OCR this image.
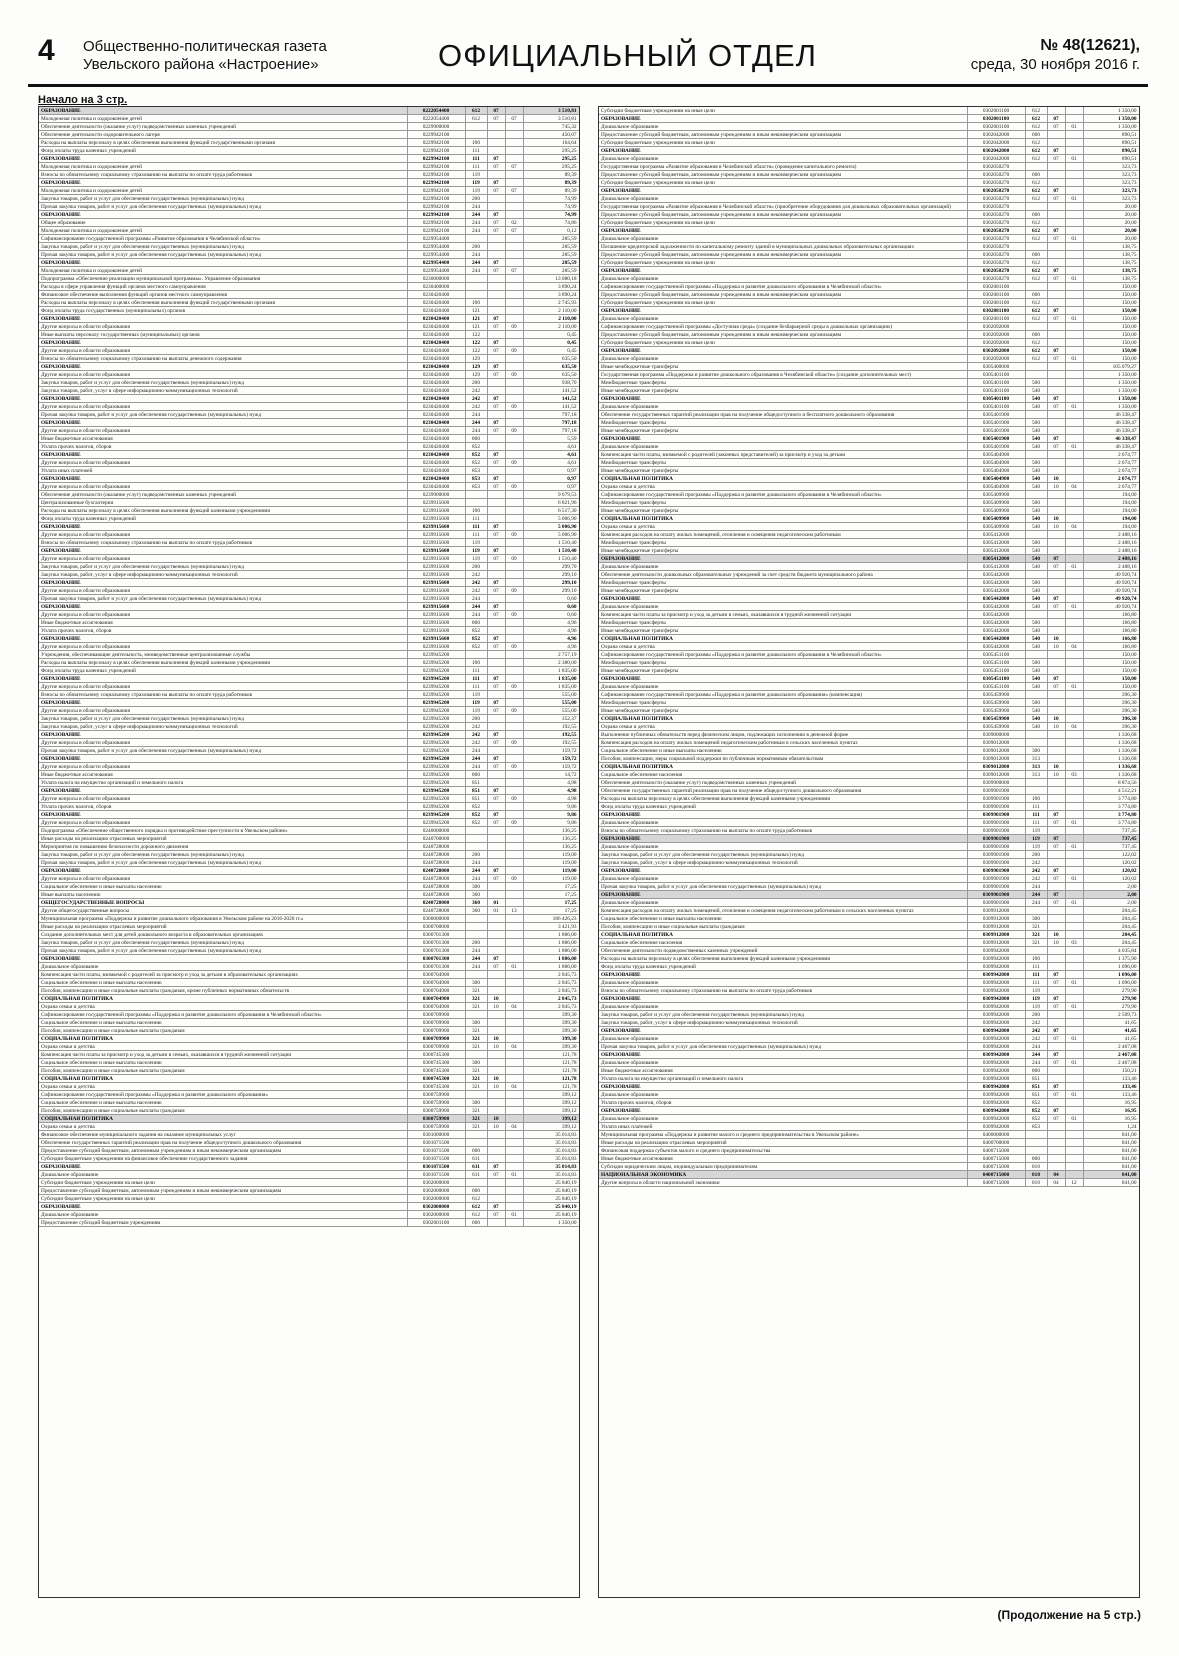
4 Общественно-политическая газета
Увельского района «Настроение»	ОФИЦИАЛЬНЫЙ ОТДЕЛ	№ 48(12621),
среда, 30 ноября 2016 г.
Начало на 3 стр.
ОБРАЗОВАНИЕ	0222054400	612	07		3 510,81
Молодежная политика и оздоровление детей	0222054400	612	07	07	3 510,81
Обеспечение деятельности (оказание услуг) подведомственных казенных учреждений	0229900000				745,32
Обеспечение деятельности оздоровительного лагеря	0229942100				450,07
Расходы на выплаты персоналу в целях обеспечения выполнения функций государственными органами	0229942100	100			164,64
Фонд оплаты труда казенных учреждений	0229942100	111			295,25
ОБРАЗОВАНИЕ	0229942100	111	07		295,25
Молодежная политика и оздоровление детей	0229942100	111	07	07	295,25
Взносы по обязательному социальному страхованию на выплаты по оплате труда работников	0229942100	119			89,39
ОБРАЗОВАНИЕ	0229942100	119	07		89,39
Молодежная политика и оздоровление детей	0229942100	119	07	07	89,39
Закупка товаров, работ и услуг для обеспечения государственных (муниципальных) нужд	0229942100	200			74,99
Прочая закупка товаров, работ и услуг для обеспечения государственных (муниципальных) нужд	0229942100	244			74,99
ОБРАЗОВАНИЕ	0229942100	244	07		74,99
Общее образование	0229942100	244	07	02	74,86
Молодежная политика и оздоровление детей	0229942100	244	07	07	0,12
Софинансирование государственной программы «Развитие образования в Челябинской области»	0229954400				285,59
Закупка товаров, работ и услуг для обеспечения государственных (муниципальных) нужд	0229954400	200			285,59
Прочая закупка товаров, работ и услуг для обеспечения государственных (муниципальных) нужд	0229954400	244			285,59
ОБРАЗОВАНИЕ	0229954400	244	07		285,59
Молодежная политика и оздоровление детей	0229954400	244	07	07	285,59
Подпрограмма «Обеспечение реализации муниципальной программы». Управление образования	0230000000				13 080,18
Расходы в сфере управления функций органов местного самоуправления	0230400000				3 890,24
Финансовое обеспечение выполнения функций органов местного самоуправления	0230420400				3 890,24
Расходы на выплаты персоналу в целях обеспечения выполнения функций государственными органами	0230420400	100			2 745,93
Фонд оплаты труда государственных (муниципальных) органов	0230420400	121			2 110,00
ОБРАЗОВАНИЕ	0230420400	121	07		2 110,00
Другие вопросы в области образования	0230420400	121	07	09	2 110,00
Иные выплаты персоналу государственных (муниципальных) органов	0230420400	122			0,45
ОБРАЗОВАНИЕ	0230420400	122	07		0,45
Другие вопросы в области образования	0230420400	122	07	09	0,45
Взносы по обязательному социальному страхованию на выплаты денежного содержания	0230420400	129			635,50
ОБРАЗОВАНИЕ	0230420400	129	07		635,50
Другие вопросы в области образования	0230420400	129	07	09	635,50
Закупка товаров, работ и услуг для обеспечения государственных (муниципальных) нужд	0230420400	200			938,70
Закупка товаров, работ, услуг в сфере информационно-коммуникационных технологий	0230420400	242			141,52
ОБРАЗОВАНИЕ	0230420400	242	07		141,52
Другие вопросы в области образования	0230420400	242	07	09	141,52
Прочая закупка товаров, работ и услуг для обеспечения государственных (муниципальных) нужд	0230420400	244			797,18
ОБРАЗОВАНИЕ	0230420400	244	07		797,18
Другие вопросы в области образования	0230420400	244	07	09	797,18
Иные бюджетные ассигнования	0230420400	800			5,59
Уплата прочих налогов, сборов	0230420400	852			4,61
ОБРАЗОВАНИЕ	0230420400	852	07		4,61
Другие вопросы в области образования	0230420400	852	07	09	4,61
Уплата иных платежей	0230420400	853			0,97
ОБРАЗОВАНИЕ	0230420400	853	07		0,97
Другие вопросы в области образования	0230420400	853	07	09	0,97
Обеспечение деятельности (оказание услуг) подведомственных казенных учреждений	0239900000				9 679,53
Централизованные бухгалтерии	0239915600				6 821,96
Расходы на выплаты персоналу в целях обеспечения выполнения функций казенными учреждениями	0239915600	100			6 517,30
Фонд оплаты труда казенных учреждений	0239915600	111			5 006,90
ОБРАЗОВАНИЕ	0239915600	111	07		5 006,90
Другие вопросы в области образования	0239915600	111	07	09	5 006,90
Взносы по обязательному социальному страхованию на выплаты по оплате труда работников	0239915600	119			1 510,40
ОБРАЗОВАНИЕ	0239915600	119	07		1 510,40
Другие вопросы в области образования	0239915600	119	07	09	1 510,40
Закупка товаров, работ и услуг для обеспечения государственных (муниципальных) нужд	0239915600	200			299,70
Закупка товаров, работ, услуг в сфере информационно-коммуникационных технологий	0239915600	242			299,10
ОБРАЗОВАНИЕ	0239915600	242	07		299,10
Другие вопросы в области образования	0239915600	242	07	09	299,10
Прочая закупка товаров, работ и услуг для обеспечения государственных (муниципальных) нужд	0239915600	244			0,60
ОБРАЗОВАНИЕ	0239915600	244	07		0,60
Другие вопросы в области образования	0239915600	244	07	09	0,60
Иные бюджетные ассигнования	0239915600	800			4,96
Уплата прочих налогов, сборов	0239915600	852			4,96
ОБРАЗОВАНИЕ	0239915600	852	07		4,96
Другие вопросы в области образования	0239915600	852	07	09	4,96
Учреждения, обеспечивающие деятельность, межведомственные централизованные службы	0239945200				2 757,19
Расходы на выплаты персоналу в целях обеспечения выполнения функций казенными учреждениями	0239945200	100			2 380,00
Фонд оплаты труда казенных учреждений	0239945200	111			1 835,00
ОБРАЗОВАНИЕ	0239945200	111	07		1 835,00
Другие вопросы в области образования	0239945200	111	07	09	1 835,00
Взносы по обязательному социальному страхованию на выплаты по оплате труда работников	0239945200	119			555,00
ОБРАЗОВАНИЕ	0239945200	119	07		555,00
Другие вопросы в области образования	0239945200	119	07	09	555,00
Закупка товаров, работ и услуг для обеспечения государственных (муниципальных) нужд	0239945200	200			352,37
Закупка товаров, работ, услуг в сфере информационно-коммуникационных технологий	0239945200	242			192,55
ОБРАЗОВАНИЕ	0239945200	242	07		192,55
Другие вопросы в области образования	0239945200	242	07	09	192,55
Прочая закупка товаров, работ и услуг для обеспечения государственных (муниципальных) нужд	0239945200	244			159,72
ОБРАЗОВАНИЕ	0239945200	244	07		159,72
Другие вопросы в области образования	0239945200	244	07	09	159,72
Иные бюджетные ассигнования	0239945200	800			14,72
Уплата налога на имущество организаций и земельного налога	0239945200	851			4,98
ОБРАЗОВАНИЕ	0239945200	851	07		4,98
Другие вопросы в области образования	0239945200	851	07	09	4,98
Уплата прочих налогов, сборов	0239945200	852			9,86
ОБРАЗОВАНИЕ	0239945200	852	07		9,86
Другие вопросы в области образования	0239945200	852	07	09	9,86
Подпрограмма «Обеспечение общественного порядка и противодействие преступности в Увельском районе»	0240000000				136,25
Иные расходы на реализацию отраслевых мероприятий	0240700000				136,25
Мероприятия по повышению безопасности дорожного движения	0240728000				136,25
Закупка товаров, работ и услуг для обеспечения государственных (муниципальных) нужд	0240728000	200			119,00
Прочая закупка товаров, работ и услуг для обеспечения государственных (муниципальных) нужд	0240728000	244			119,00
ОБРАЗОВАНИЕ	0240728000	244	07		119,00
Другие вопросы в области образования	0240728000	244	07	09	119,00
Социальное обеспечение и иные выплаты населению	0240728000	300			17,25
Иные выплаты населению	0240728000	360			17,25
ОБЩЕГОСУДАРСТВЕННЫЕ ВОПРОСЫ	0240728000	360	01		17,25
Другие общегосударственные вопросы	0240728000	360	01	13	17,25
Муниципальная программа «Поддержка и развитие дошкольного образования в Увельском районе на 2016-2020 гг.»	0300000000				186 426,23
Иные расходы на реализацию отраслевых мероприятий	0300700000				3 421,93
Создание дополнительных мест для детей дошкольного возраста в образовательных организациях	0300701300				1 886,00
Закупка товаров, работ и услуг для обеспечения государственных (муниципальных) нужд	0300701300	200			1 886,00
Прочая закупка товаров, работ и услуг для обеспечения государственных (муниципальных) нужд	0300701300	244			1 886,00
ОБРАЗОВАНИЕ	0300701300	244	07		1 886,00
Дошкольное образование	0300701300	244	07	01	1 886,00
Компенсация части платы, взимаемой с родителей за присмотр и уход за детьми в образовательных организациях	0300704900				2 845,73
Социальное обеспечение и иные выплаты населению	0300704900	300			2 845,73
Пособия, компенсации и иные социальные выплаты гражданам, кроме публичных нормативных обязательств	0300704900	321			2 845,73
СОЦИАЛЬНАЯ ПОЛИТИКА	0300704900	321	10		2 845,73
Охрана семьи и детства	0300704900	321	10	04	2 845,73
Софинансирование государственной программы «Поддержка и развитие дошкольного образования в Челябинской области»	0300709900				399,30
Социальное обеспечение и иные выплаты населению	0300709900	300			399,30
Пособия, компенсации и иные социальные выплаты гражданам	0300709900	321			399,30
СОЦИАЛЬНАЯ ПОЛИТИКА	0300709900	321	10		399,30
Охрана семьи и детства	0300709900	321	10	04	399,30
Компенсация части платы за присмотр и уход за детьми в семьях, оказавшихся в трудной жизненной ситуации	0300745300				121,78
Социальное обеспечение и иные выплаты населению	0300745300	300			121,78
Пособия, компенсации и иные социальные выплаты гражданам	0300745300	321			121,78
СОЦИАЛЬНАЯ ПОЛИТИКА	0300745300	321	10		121,78
Охрана семьи и детства	0300745300	321	10	04	121,78
Софинансирование государственной программы «Поддержка и развитие дошкольного образования»	0300759900				399,12
Социальное обеспечение и иные выплаты населению	0300759900	300			399,12
Пособия, компенсации и иные социальные выплаты гражданам	0300759900	321			399,12
СОЦИАЛЬНАЯ ПОЛИТИКА	0300759900	321	10		399,12
Охрана семьи и детства	0300759900	321	10	04	399,12
Финансовое обеспечение муниципального задания на оказание муниципальных услуг	0301000000				35 014,83
Обеспечение государственных гарантий реализации прав на получение общедоступного дошкольного образования	0301071500				35 014,83
Предоставление субсидий бюджетным, автономным учреждениям и иным некоммерческим организациям	0301071500	600			35 014,83
Субсидии бюджетным учреждениям на финансовое обеспечение государственного задания	0301071500	611			35 014,83
ОБРАЗОВАНИЕ	0301071500	611	07		35 014,83
Дошкольное образование	0301071500	611	07	01	35 014,83
Субсидии бюджетным учреждениям на иные цели	0302000000				25 840,19
Предоставление субсидий бюджетным, автономным учреждениям и иным некоммерческим организациям	0302000000	600			25 840,19
Субсидии бюджетным учреждениям на иные цели	0302000000	612			25 840,19
ОБРАЗОВАНИЕ	0302000000	612	07		25 840,19
Дошкольное образование	0302000000	612	07	01	25 840,19
Предоставление субсидий бюджетным учреждениям	0302001100	600			1 350,00
Субсидии бюджетным учреждениям на иные цели	0302001100	612			1 350,00
ОБРАЗОВАНИЕ	0302001100	612	07		1 350,00
Дошкольное образование	0302001100	612	07	01	1 350,00
Предоставление субсидий бюджетным, автономным учреждениям и иным некоммерческим организациям	0302042000	600			890,51
Субсидии бюджетным учреждениям на иные цели	0302042000	612			890,51
ОБРАЗОВАНИЕ	0302042000	612	07		890,51
Дошкольное образование	0302042000	612	07	01	890,51
Государственная программа «Развитие образования в Челябинской области» (проведение капитального ремонта)	0302050270				323,73
Предоставление субсидий бюджетным, автономным учреждениям и иным некоммерческим организациям	0302050270	600			323,73
Субсидии бюджетным учреждениям на иные цели	0302050270	612			323,73
ОБРАЗОВАНИЕ	0302050270	612	07		323,73
Дошкольное образование	0302050270	612	07	01	323,73
Государственная программа «Развитие образования в Челябинской области» (приобретение оборудования для дошкольных образовательных организаций)	0302050270				20,00
Предоставление субсидий бюджетным, автономным учреждениям и иным некоммерческим организациям	0302050270	600			20,00
Субсидии бюджетным учреждениям на иные цели	0302050270	612			20,00
ОБРАЗОВАНИЕ	0302050270	612	07		20,00
Дошкольное образование	0302050270	612	07	01	20,00
Погашение кредиторской задолженности по капитальному ремонту зданий в муниципальных дошкольных образовательных организациях	0302050270				138,75
Предоставление субсидий бюджетным, автономным учреждениям и иным некоммерческим организациям	0302050270	600			138,75
Субсидии бюджетным учреждениям на иные цели	0302050270	612			138,75
ОБРАЗОВАНИЕ	0302050270	612	07		138,75
Дошкольное образование	0302050270	612	07	01	138,75
Софинансирование государственной программы «Поддержка и развитие дошкольного образования в Челябинской области»	0302081100				150,00
Предоставление субсидий бюджетным, автономным учреждениям и иным некоммерческим организациям	0302081100	600			150,00
Субсидии бюджетным учреждениям на иные цели	0302081100	612			150,00
ОБРАЗОВАНИЕ	0302081100	612	07		150,00
Дошкольное образование	0302081100	612	07	01	150,00
Софинансирование государственной программы «Доступная среда» (создание безбарьерной среды в дошкольных организациях)	0302092000				150,00
Предоставление субсидий бюджетным, автономным учреждениям и иным некоммерческим организациям	0302092000	600			150,00
Субсидии бюджетным учреждениям на иные цели	0302092000	612			150,00
ОБРАЗОВАНИЕ	0302092000	612	07		150,00
Дошкольное образование	0302092000	612	07	01	150,00
Иные межбюджетные трансферты	0305400000				105 079,27
Государственная программа «Поддержка и развитие дошкольного образования в Челябинской области» (создание дополнительных мест)	0305401100				1 350,00
Межбюджетные трансферты	0305401100	500			1 350,00
Иные межбюджетные трансферты	0305401100	540			1 350,00
ОБРАЗОВАНИЕ	0305401100	540	07		1 350,00
Дошкольное образование	0305401100	540	07	01	1 350,00
Обеспечение государственных гарантий реализации прав на получение общедоступного и бесплатного дошкольного образования	0305401900				46 338,47
Межбюджетные трансферты	0305401900	500			46 338,47
Иные межбюджетные трансферты	0305401900	540			46 338,47
ОБРАЗОВАНИЕ	0305401900	540	07		46 338,47
Дошкольное образование	0305401900	540	07	01	46 338,47
Компенсация части платы, взимаемой с родителей (законных представителей) за присмотр и уход за детьми	0305404900				2 074,77
Межбюджетные трансферты	0305404900	500			2 074,77
Иные межбюджетные трансферты	0305404900	540			2 074,77
СОЦИАЛЬНАЯ ПОЛИТИКА	0305404900	540	10		2 074,77
Охрана семьи и детства	0305404900	540	10	04	2 074,77
Софинансирование государственной программы «Поддержка и развитие дошкольного образования в Челябинской области»	0305409900				194,00
Межбюджетные трансферты	0305409900	500			194,00
Иные межбюджетные трансферты	0305409900	540			194,00
СОЦИАЛЬНАЯ ПОЛИТИКА	0305409900	540	10		194,00
Охрана семьи и детства	0305409900	540	10	04	194,00
Компенсация расходов на оплату жилых помещений, отопления и освещения педагогическим работникам	0305412000				2 488,16
Межбюджетные трансферты	0305412000	500			2 488,16
Иные межбюджетные трансферты	0305412000	540			2 488,16
ОБРАЗОВАНИЕ	0305412000	540	07		2 488,16
Дошкольное образование	0305412000	540	07	01	2 488,16
Обеспечение деятельности дошкольных образовательных учреждений за счет средств бюджета муниципального района	0305442000				49 920,74
Межбюджетные трансферты	0305442000	500			49 920,74
Иные межбюджетные трансферты	0305442000	540			49 920,74
ОБРАЗОВАНИЕ	0305442000	540	07		49 920,74
Дошкольное образование	0305442000	540	07	01	49 920,74
Компенсация части платы за присмотр и уход за детьми в семьях, оказавшихся в трудной жизненной ситуации	0305442000				166,80
Межбюджетные трансферты	0305442000	500			166,80
Иные межбюджетные трансферты	0305442000	540			166,80
СОЦИАЛЬНАЯ ПОЛИТИКА	0305442000	540	10		166,80
Охрана семьи и детства	0305442000	540	10	04	166,80
Софинансирование государственной программы «Поддержка и развитие дошкольного образования в Челябинской области»	0305451100				150,00
Межбюджетные трансферты	0305451100	500			150,00
Иные межбюджетные трансферты	0305451100	540			150,00
ОБРАЗОВАНИЕ	0305451100	540	07		150,00
Дошкольное образование	0305451100	540	07	01	150,00
Софинансирование государственной программы «Поддержка и развитие дошкольного образования» (компенсация)	0305459900				396,30
Межбюджетные трансферты	0305459900	500			396,30
Иные межбюджетные трансферты	0305459900	540			396,30
СОЦИАЛЬНАЯ ПОЛИТИКА	0305459900	540	10		396,30
Охрана семьи и детства	0305459900	540	10	04	396,30
Выполнение публичных обязательств перед физическим лицом, подлежащих исполнению в денежной форме	0309000000				1 336,68
Компенсация расходов на оплату жилых помещений педагогическим работникам в сельских населенных пунктах	0309012000				1 336,68
Социальное обеспечение и иные выплаты населению	0309012000	300			1 336,68
Пособия, компенсации, меры социальной поддержки по публичным нормативным обязательствам	0309012000	313			1 336,68
СОЦИАЛЬНАЯ ПОЛИТИКА	0309012000	313	10		1 336,68
Социальное обеспечение населения	0309012000	313	10	03	1 336,68
Обеспечение деятельности (оказание услуг) подведомственных казенных учреждений	0309900000				8 874,56
Обеспечение государственных гарантий реализации прав на получение общедоступного дошкольного образования	0309901900				4 512,21
Расходы на выплаты персоналу в целях обеспечения выполнения функций казенными учреждениями	0309901900	100			3 774,80
Фонд оплаты труда казенных учреждений	0309901900	111			3 774,80
ОБРАЗОВАНИЕ	0309901900	111	07		3 774,80
Дошкольное образование	0309901900	111	07	01	3 774,80
Взносы по обязательному социальному страхованию на выплаты по оплате труда работников	0309901900	119			737,45
ОБРАЗОВАНИЕ	0309901900	119	07		737,45
Дошкольное образование	0309901900	119	07	01	737,45
Закупка товаров, работ и услуг для обеспечения государственных (муниципальных) нужд	0309901900	200			122,02
Закупка товаров, работ, услуг в сфере информационно-коммуникационных технологий	0309901900	242			120,02
ОБРАЗОВАНИЕ	0309901900	242	07		120,02
Дошкольное образование	0309901900	242	07	01	120,02
Прочая закупка товаров, работ и услуг для обеспечения государственных (муниципальных) нужд	0309901900	244			2,00
ОБРАЗОВАНИЕ	0309901900	244	07		2,00
Дошкольное образование	0309901900	244	07	01	2,00
Компенсация расходов на оплату жилых помещений, отопления и освещения педагогическим работникам в сельских населенных пунктах	0309912000				204,45
Социальное обеспечение и иные выплаты населению	0309912000	300			204,45
Пособия, компенсации и иные социальные выплаты гражданам	0309912000	321			204,45
СОЦИАЛЬНАЯ ПОЛИТИКА	0309912000	321	10		204,45
Социальное обеспечение населения	0309912000	321	10	03	204,45
Обеспечение деятельности подведомственных казенных учреждений	0309942000				4 035,84
Расходы на выплаты персоналу в целях обеспечения выполнения функций казенными учреждениями	0309942000	100			1 375,90
Фонд оплаты труда казенных учреждений	0309942000	111			1 096,00
ОБРАЗОВАНИЕ	0309942000	111	07		1 096,00
Дошкольное образование	0309942000	111	07	01	1 096,00
Взносы по обязательному социальному страхованию на выплаты по оплате труда работников	0309942000	119			279,90
ОБРАЗОВАНИЕ	0309942000	119	07		279,90
Дошкольное образование	0309942000	119	07	01	279,90
Закупка товаров, работ и услуг для обеспечения государственных (муниципальных) нужд	0309942000	200			2 509,73
Закупка товаров, работ, услуг в сфере информационно-коммуникационных технологий	0309942000	242			41,65
ОБРАЗОВАНИЕ	0309942000	242	07		41,65
Дошкольное образование	0309942000	242	07	01	41,65
Прочая закупка товаров, работ и услуг для обеспечения государственных (муниципальных) нужд	0309942000	244			2 467,08
ОБРАЗОВАНИЕ	0309942000	244	07		2 467,08
Дошкольное образование	0309942000	244	07	01	2 467,08
Иные бюджетные ассигнования	0309942000	800			150,21
Уплата налога на имущество организаций и земельного налога	0309942000	851			133,46
ОБРАЗОВАНИЕ	0309942000	851	07		133,46
Дошкольное образование	0309942000	851	07	01	133,46
Уплата прочих налогов, сборов	0309942000	852			16,95
ОБРАЗОВАНИЕ	0309942000	852	07		16,95
Дошкольное образование	0309942000	852	07	01	16,95
Уплата иных платежей	0309942000	853			1,24
Муниципальная программа «Поддержка и развитие малого и среднего предпринимательства в Увельском районе»	0400000000				841,00
Иные расходы на реализацию отраслевых мероприятий	0400700000				841,00
Финансовая поддержка субъектов малого и среднего предпринимательства	0400715000				841,00
Иные бюджетные ассигнования	0400715000	800			841,00
Субсидии юридическим лицам, индивидуальным предпринимателям	0400715000	810			841,00
НАЦИОНАЛЬНАЯ ЭКОНОМИКА	0400715000	810	04		841,00
Другие вопросы в области национальной экономики	0400715000	810	04	12	841,00
(Продолжение на 5 стр.)
